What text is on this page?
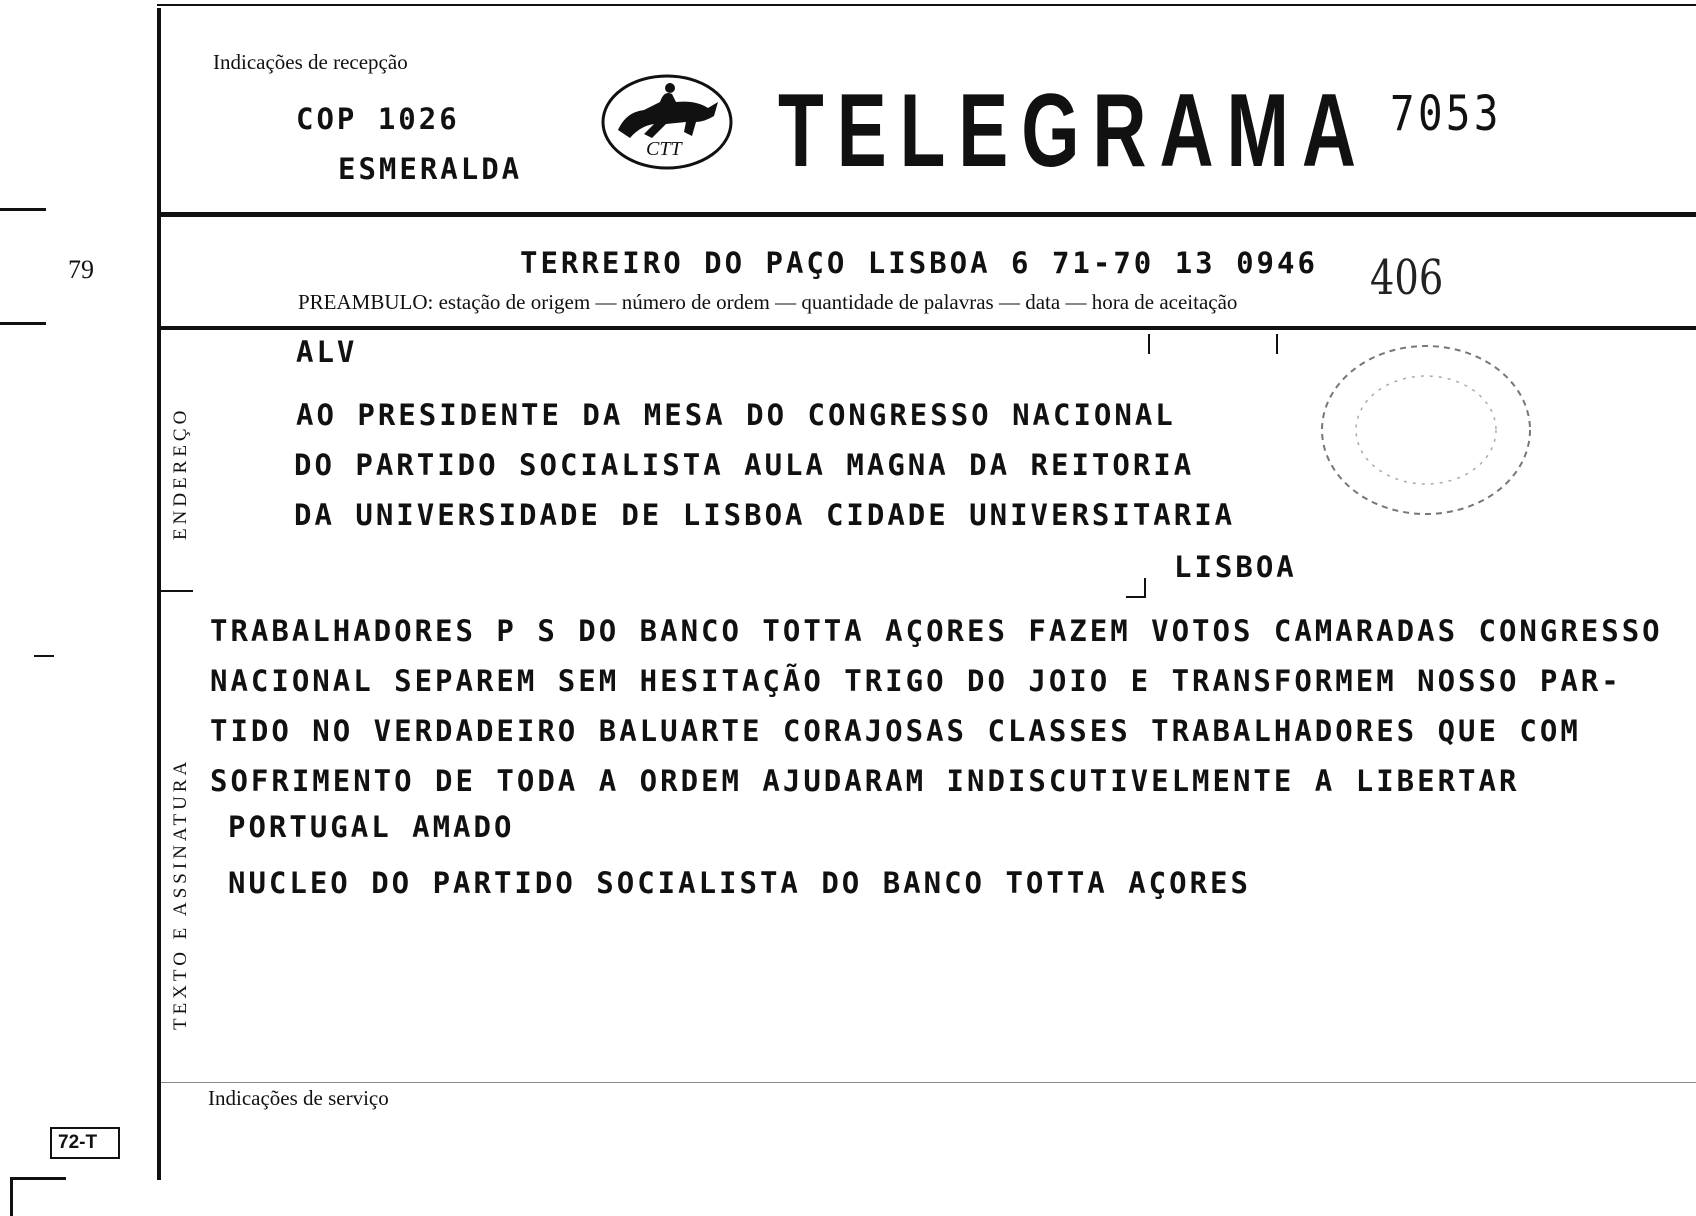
79
72-T
Indicações de recepção
COP 1026
ESMERALDA
CTT TELEGRAMA 7053
TERREIRO DO PAÇO LISBOA 6 71-70 13 0946 406
PREAMBULO: estação de origem — número de ordem — quantidade de palavras — data — hora de aceitação
ENDEREÇO
ALV
AO PRESIDENTE DA MESA DO CONGRESSO NACIONAL
DO PARTIDO SOCIALISTA AULA MAGNA DA REITORIA
DA UNIVERSIDADE DE LISBOA CIDADE UNIVERSITARIA
LISBOA
TEXTO E ASSINATURA
TRABALHADORES P S DO BANCO TOTTA AÇORES FAZEM VOTOS CAMARADAS CONGRESSO
NACIONAL SEPAREM SEM HESITAÇÃO TRIGO DO JOIO E TRANSFORMEM NOSSO PAR-
TIDO NO VERDADEIRO BALUARTE CORAJOSAS CLASSES TRABALHADORES QUE COM
SOFRIMENTO DE TODA A ORDEM AJUDARAM INDISCUTIVELMENTE A LIBERTAR
PORTUGAL AMADO
NUCLEO DO PARTIDO SOCIALISTA DO BANCO TOTTA AÇORES
Indicações de serviço
